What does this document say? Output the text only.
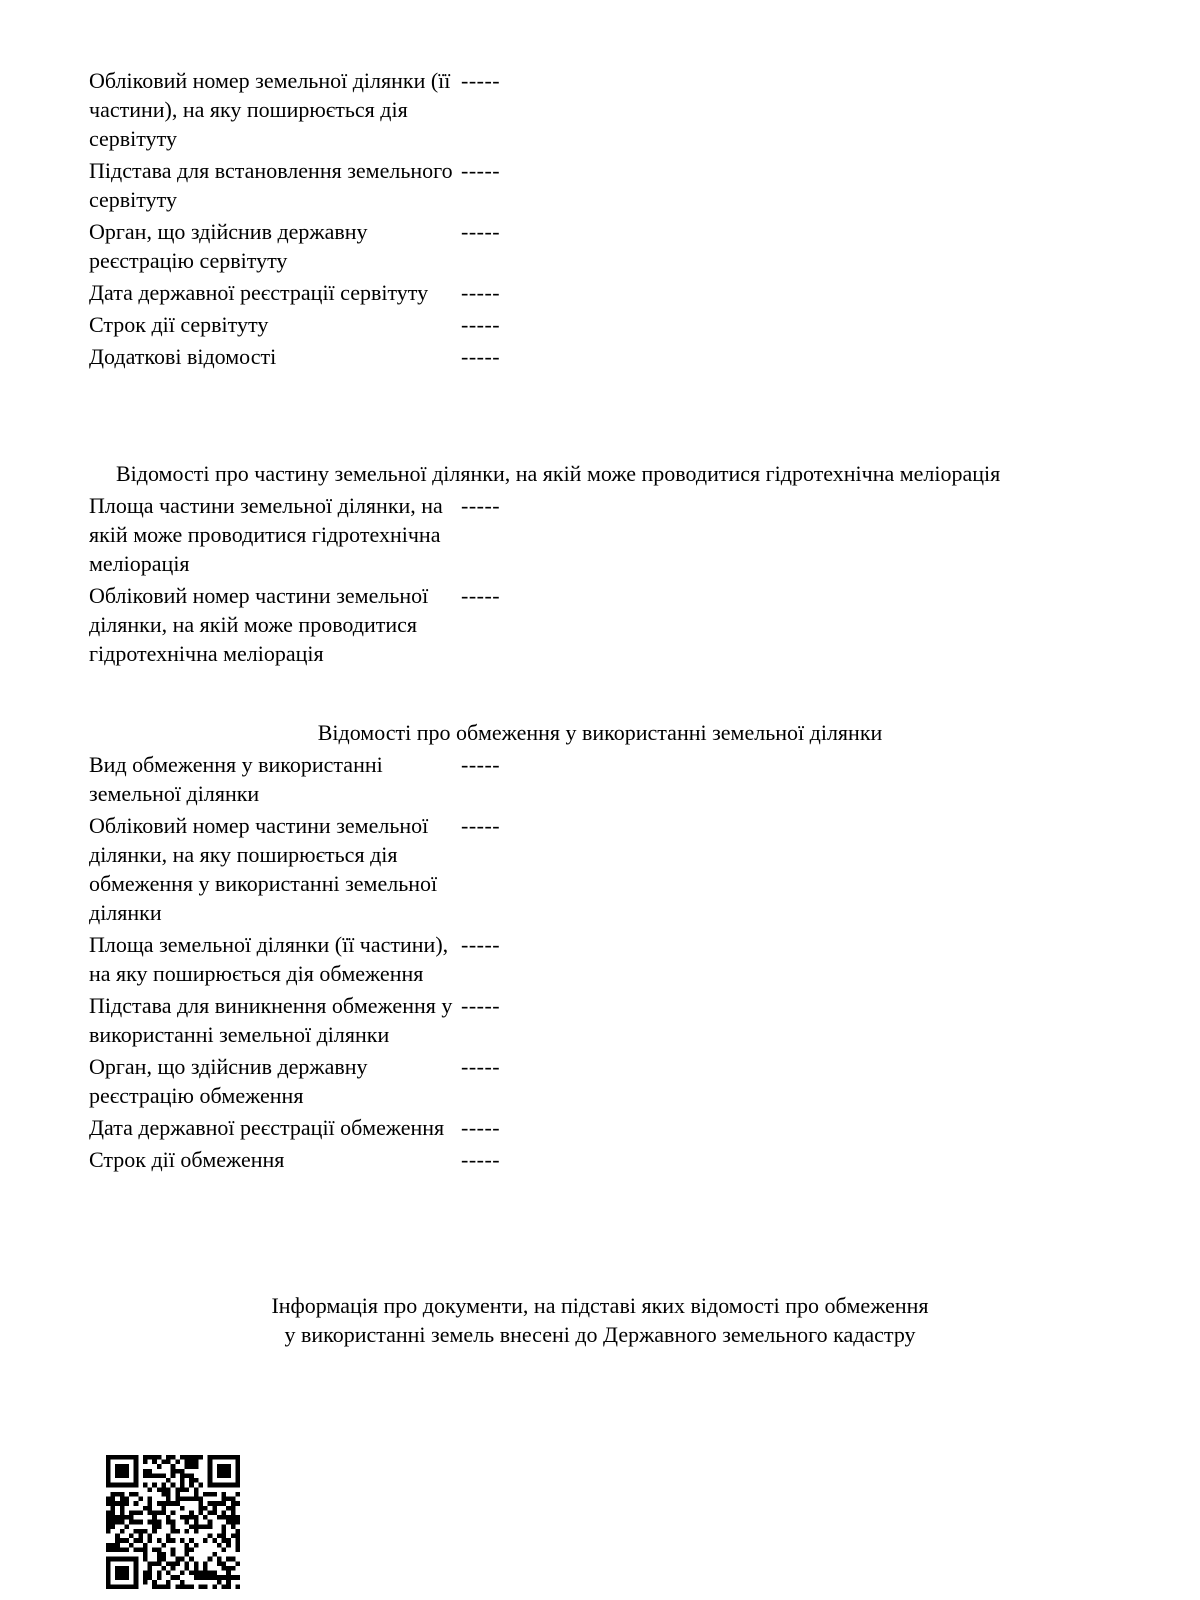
Обліковий номер земельної ділянки (її частини), на яку поширюється дія сервітуту
-----
Підстава для встановлення земельного сервітуту
-----
Орган, що здійснив державну реєстрацію сервітуту
-----
Дата державної реєстрації сервітуту	-----
Строк дії сервітуту	-----
Додаткові відомості	-----
Відомості про частину земельної ділянки, на якій може проводитися гідротехнічна меліорація
Площа частини земельної ділянки, на якій може проводитися гідротехнічна меліорація
-----
Обліковий номер частини земельної ділянки, на якій може проводитися гідротехнічна меліорація
-----
Відомості про обмеження у використанні земельної ділянки
Вид обмеження у використанні земельної ділянки
-----
Обліковий номер частини земельної ділянки, на яку поширюється дія обмеження у використанні земельної ділянки
-----
Площа земельної ділянки (її частини), на яку поширюється дія обмеження
-----
Підстава для виникнення обмеження у використанні земельної ділянки
-----
Орган, що здійснив державну реєстрацію обмеження
-----
Дата державної реєстрації обмеження -----
Строк дії обмеження	-----
Інформація про документи, на підставі яких відомості про обмеження
у використанні земель внесені до Державного земельного кадастру
